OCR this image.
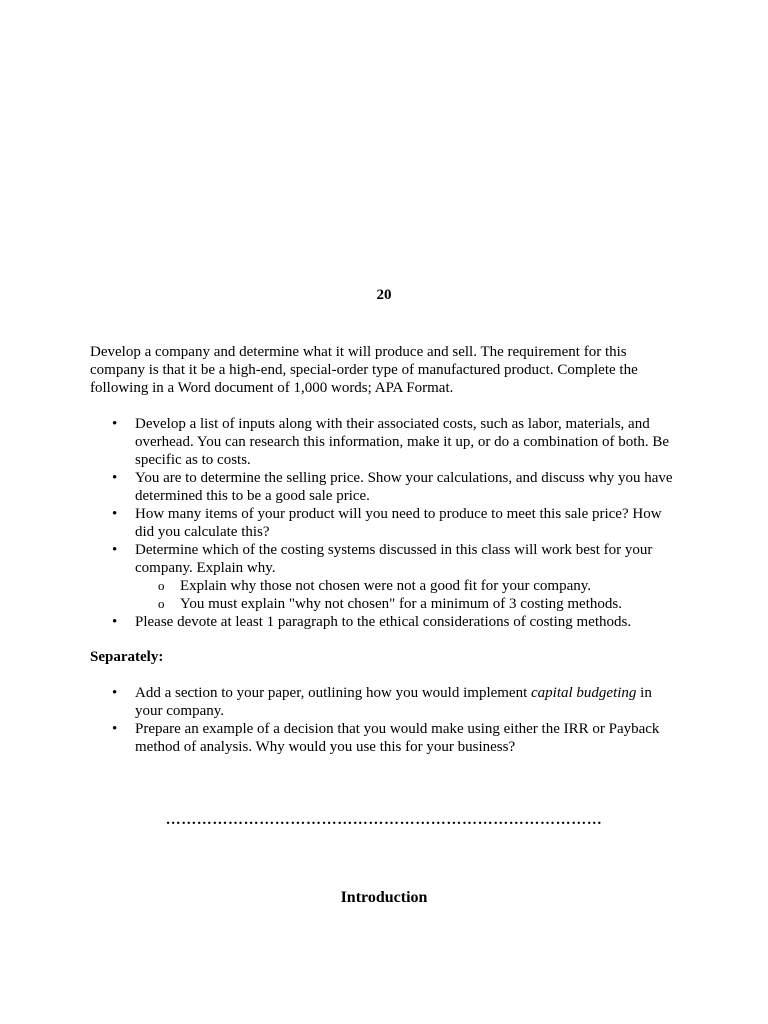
20

Develop a company and determine what it will produce and sell. The requirement for this company is that it be a high-end, special-order type of manufactured product. Complete the following in a Word document of 1,000 words; APA Format.

• Develop a list of inputs along with their associated costs, such as labor, materials, and overhead. You can research this information, make it up, or do a combination of both. Be specific as to costs.
• You are to determine the selling price. Show your calculations, and discuss why you have determined this to be a good sale price.
• How many items of your product will you need to produce to meet this sale price? How did you calculate this?
• Determine which of the costing systems discussed in this class will work best for your company. Explain why.
o Explain why those not chosen were not a good fit for your company.
o You must explain "why not chosen" for a minimum of 3 costing methods.
• Please devote at least 1 paragraph to the ethical considerations of costing methods.

Separately:

• Add a section to your paper, outlining how you would implement capital budgeting in your company.
• Prepare an example of a decision that you would make using either the IRR or Payback method of analysis. Why would you use this for your business?

…………………………………………………………………………

Introduction
